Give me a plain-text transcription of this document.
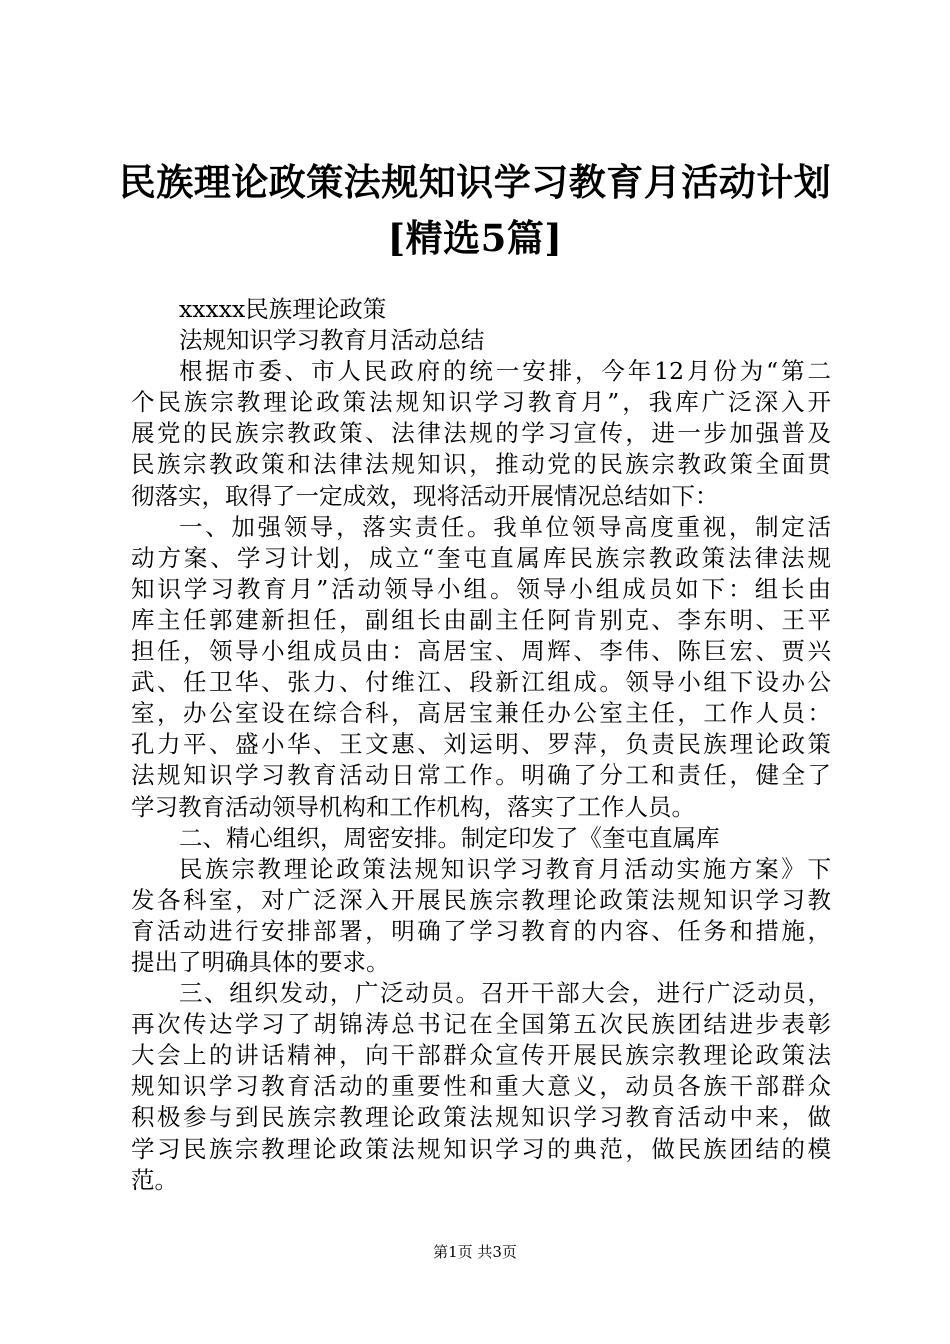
民族理论政策法规知识学习教育月活动计划
[精选5篇]
xxxxx民族理论政策
法规知识学习教育月活动总结
根据市委、市人民政府的统一安排，今年12月份为“第二
个民族宗教理论政策法规知识学习教育月”，我库广泛深入开
展党的民族宗教政策、法律法规的学习宣传，进一步加强普及
民族宗教政策和法律法规知识，推动党的民族宗教政策全面贯
彻落实，取得了一定成效，现将活动开展情况总结如下：
一、加强领导，落实责任。我单位领导高度重视，制定活
动方案、学习计划，成立“奎屯直属库民族宗教政策法律法规
知识学习教育月”活动领导小组。领导小组成员如下：组长由
库主任郭建新担任，副组长由副主任阿肯别克、李东明、王平
担任，领导小组成员由：高居宝、周辉、李伟、陈巨宏、贾兴
武、任卫华、张力、付维江、段新江组成。领导小组下设办公
室，办公室设在综合科，高居宝兼任办公室主任，工作人员：
孔力平、盛小华、王文惠、刘运明、罗萍，负责民族理论政策
法规知识学习教育活动日常工作。明确了分工和责任，健全了
学习教育活动领导机构和工作机构，落实了工作人员。
二、精心组织，周密安排。制定印发了《奎屯直属库
民族宗教理论政策法规知识学习教育月活动实施方案》下
发各科室，对广泛深入开展民族宗教理论政策法规知识学习教
育活动进行安排部署，明确了学习教育的内容、任务和措施，
提出了明确具体的要求。
三、组织发动，广泛动员。召开干部大会，进行广泛动员，
再次传达学习了胡锦涛总书记在全国第五次民族团结进步表彰
大会上的讲话精神，向干部群众宣传开展民族宗教理论政策法
规知识学习教育活动的重要性和重大意义，动员各族干部群众
积极参与到民族宗教理论政策法规知识学习教育活动中来，做
学习民族宗教理论政策法规知识学习的典范，做民族团结的模
范。
第1页 共3页
